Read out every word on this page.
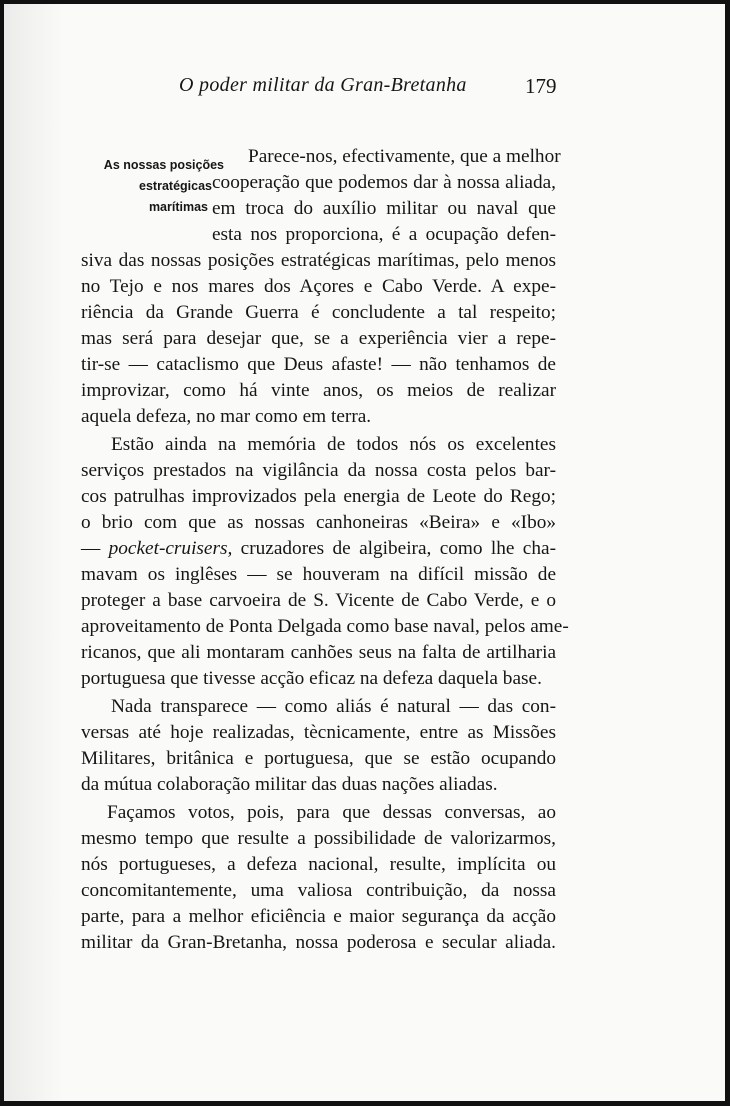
O poder militar da Gran-Bretanha	179
As nossas posições
estratégicas
marítimas
Parece-nos, efectivamente, que a melhor
cooperação que podemos dar à nossa aliada,
em troca do auxílio militar ou naval que
esta nos proporciona, é a ocupação defen-
siva das nossas posições estratégicas marítimas, pelo menos
no Tejo e nos mares dos Açores e Cabo Verde. A expe-
riência da Grande Guerra é concludente a tal respeito;
mas será para desejar que, se a experiência vier a repe-
tir-se — cataclismo que Deus afaste! — não tenhamos de
improvizar, como há vinte anos, os meios de realizar
aquela defeza, no mar como em terra.
Estão ainda na memória de todos nós os excelentes
serviços prestados na vigilância da nossa costa pelos bar-
cos patrulhas improvizados pela energia de Leote do Rego;
o brio com que as nossas canhoneiras «Beira» e «Ibo»
— pocket-cruisers, cruzadores de algibeira, como lhe cha-
mavam os inglêses — se houveram na difícil missão de
proteger a base carvoeira de S. Vicente de Cabo Verde, e o
aproveitamento de Ponta Delgada como base naval, pelos ame-
ricanos, que ali montaram canhões seus na falta de artilharia
portuguesa que tivesse acção eficaz na defeza daquela base.
Nada transparece — como aliás é natural — das con-
versas até hoje realizadas, tècnicamente, entre as Missões
Militares, britânica e portuguesa, que se estão ocupando
da mútua colaboração militar das duas nações aliadas.
Façamos votos, pois, para que dessas conversas, ao
mesmo tempo que resulte a possibilidade de valorizarmos,
nós portugueses, a defeza nacional, resulte, implícita ou
concomitantemente, uma valiosa contribuição, da nossa
parte, para a melhor eficiência e maior segurança da acção
militar da Gran-Bretanha, nossa poderosa e secular aliada.
